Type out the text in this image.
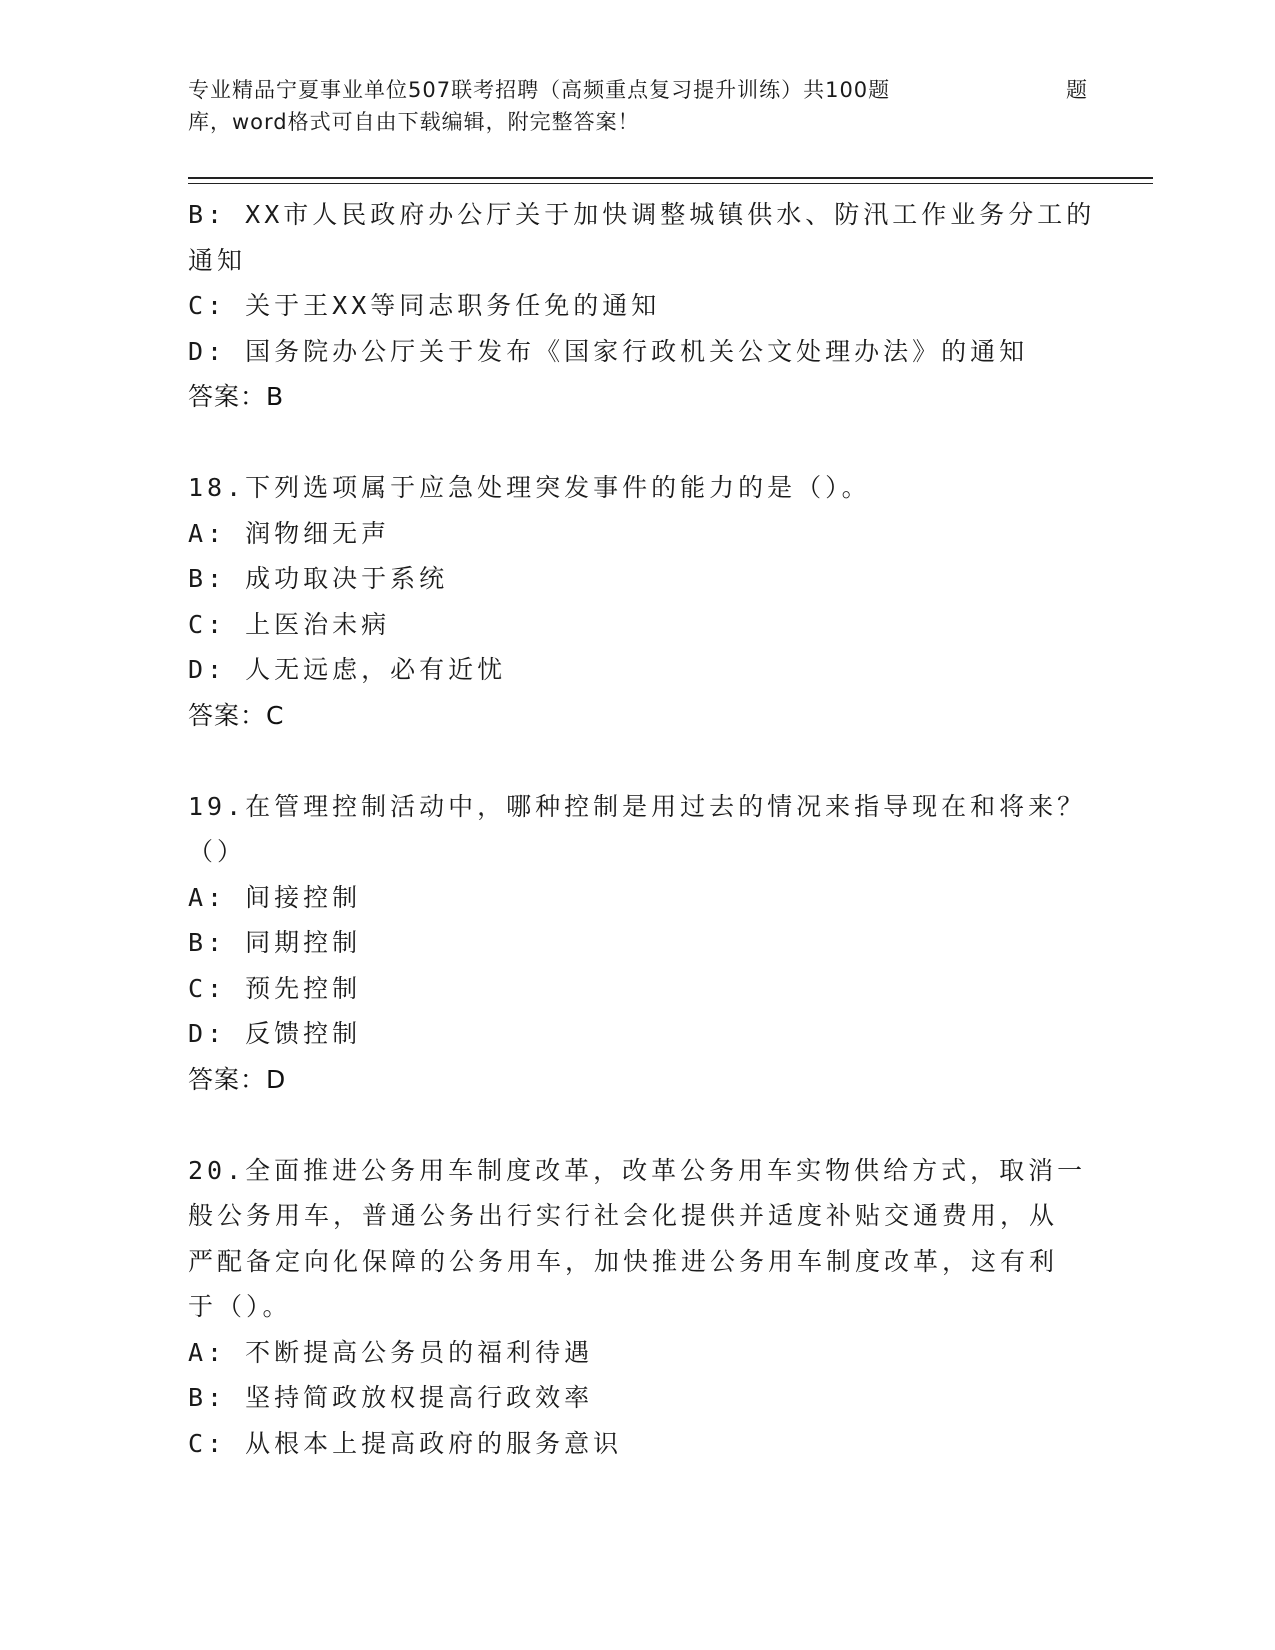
专业精品宁夏事业单位507联考招聘（高频重点复习提升训练）共100题	题
库，word格式可自由下载编辑，附完整答案！
B: XX市人民政府办公厅关于加快调整城镇供水、防汛工作业务分工的
通知
C: 关于王XX等同志职务任免的通知
D: 国务院办公厅关于发布《国家行政机关公文处理办法》的通知
答案：B
18.下列选项属于应急处理突发事件的能力的是（）。
A: 润物细无声
B: 成功取决于系统
C: 上医治未病
D: 人无远虑，必有近忧
答案：C
19.在管理控制活动中，哪种控制是用过去的情况来指导现在和将来？
（）
A: 间接控制
B: 同期控制
C: 预先控制
D: 反馈控制
答案：D
20.全面推进公务用车制度改革，改革公务用车实物供给方式，取消一
般公务用车，普通公务出行实行社会化提供并适度补贴交通费用，从
严配备定向化保障的公务用车，加快推进公务用车制度改革，这有利
于（）。
A: 不断提高公务员的福利待遇
B: 坚持简政放权提高行政效率
C: 从根本上提高政府的服务意识
